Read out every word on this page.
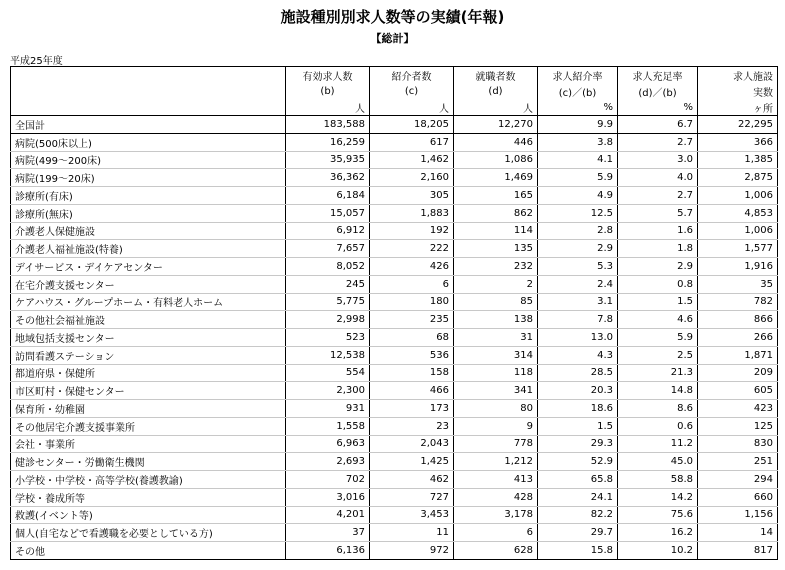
施設種別別求人数等の実績(年報)
【総計】
平成25年度
	有効求人数	紹介者数	就職者数	求人紹介率	求人充足率	求人施設
	(b)	(c)	(d)	(c)／(b)	(d)／(b)	実数
	人	人	人	%	%	ヶ所
全国計	183,588	18,205	12,270	9.9	6.7	22,295
病院(500床以上)	16,259	617	446	3.8	2.7	366
病院(499～200床)	35,935	1,462	1,086	4.1	3.0	1,385
病院(199～20床)	36,362	2,160	1,469	5.9	4.0	2,875
診療所(有床)	6,184	305	165	4.9	2.7	1,006
診療所(無床)	15,057	1,883	862	12.5	5.7	4,853
介護老人保健施設	6,912	192	114	2.8	1.6	1,006
介護老人福祉施設(特養)	7,657	222	135	2.9	1.8	1,577
デイサービス・デイケアセンター	8,052	426	232	5.3	2.9	1,916
在宅介護支援センター	245	6	2	2.4	0.8	35
ケアハウス・グループホーム・有料老人ホーム	5,775	180	85	3.1	1.5	782
その他社会福祉施設	2,998	235	138	7.8	4.6	866
地域包括支援センター	523	68	31	13.0	5.9	266
訪問看護ステーション	12,538	536	314	4.3	2.5	1,871
都道府県・保健所	554	158	118	28.5	21.3	209
市区町村・保健センター	2,300	466	341	20.3	14.8	605
保育所・幼稚園	931	173	80	18.6	8.6	423
その他居宅介護支援事業所	1,558	23	9	1.5	0.6	125
会社・事業所	6,963	2,043	778	29.3	11.2	830
健診センター・労働衛生機関	2,693	1,425	1,212	52.9	45.0	251
小学校・中学校・高等学校(養護教諭)	702	462	413	65.8	58.8	294
学校・養成所等	3,016	727	428	24.1	14.2	660
救護(イベント等)	4,201	3,453	3,178	82.2	75.6	1,156
個人(自宅などで看護職を必要としている方)	37	11	6	29.7	16.2	14
その他	6,136	972	628	15.8	10.2	817
